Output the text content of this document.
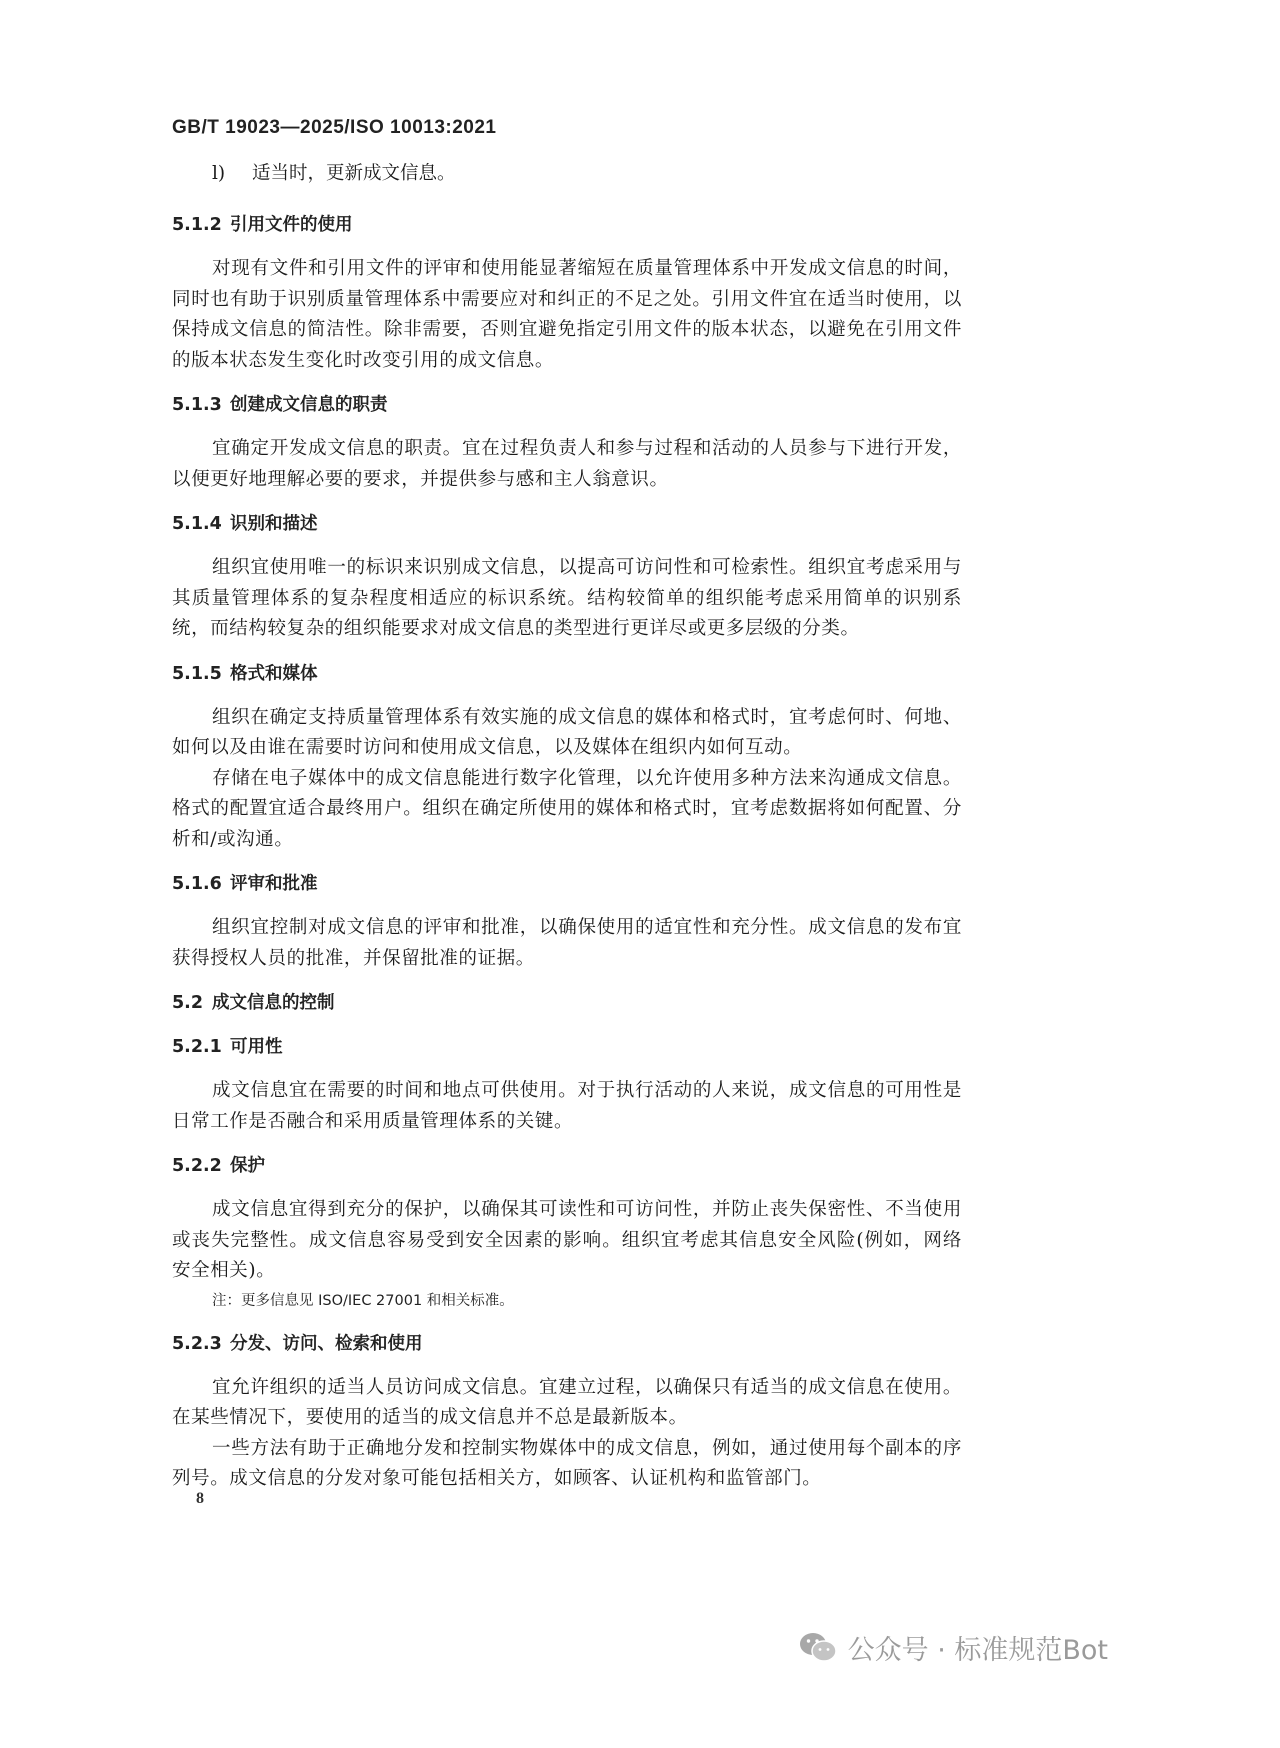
GB/T 19023—2025/ISO 10013:2021
l) 适当时，更新成文信息。
5.1.2 引用文件的使用

对现有文件和引用文件的评审和使用能显著缩短在质量管理体系中开发成文信息的时间，同时也有助于识别质量管理体系中需要应对和纠正的不足之处。引用文件宜在适当时使用，以保持成文信息的简洁性。除非需要，否则宜避免指定引用文件的版本状态，以避免在引用文件的版本状态发生变化时改变引用的成文信息。

5.1.3 创建成文信息的职责

宜确定开发成文信息的职责。宜在过程负责人和参与过程和活动的人员参与下进行开发，以便更好地理解必要的要求，并提供参与感和主人翁意识。

5.1.4 识别和描述

组织宜使用唯一的标识来识别成文信息，以提高可访问性和可检索性。组织宜考虑采用与其质量管理体系的复杂程度相适应的标识系统。结构较简单的组织能考虑采用简单的识别系统，而结构较复杂的组织能要求对成文信息的类型进行更详尽或更多层级的分类。

5.1.5 格式和媒体

组织在确定支持质量管理体系有效实施的成文信息的媒体和格式时，宜考虑何时、何地、如何以及由谁在需要时访问和使用成文信息，以及媒体在组织内如何互动。

存储在电子媒体中的成文信息能进行数字化管理，以允许使用多种方法来沟通成文信息。格式的配置宜适合最终用户。组织在确定所使用的媒体和格式时，宜考虑数据将如何配置、分析和/或沟通。

5.1.6 评审和批准

组织宜控制对成文信息的评审和批准，以确保使用的适宜性和充分性。成文信息的发布宜获得授权人员的批准，并保留批准的证据。

5.2 成文信息的控制
5.2.1 可用性

成文信息宜在需要的时间和地点可供使用。对于执行活动的人来说，成文信息的可用性是日常工作是否融合和采用质量管理体系的关键。

5.2.2 保护

成文信息宜得到充分的保护，以确保其可读性和可访问性，并防止丧失保密性、不当使用或丧失完整性。成文信息容易受到安全因素的影响。组织宜考虑其信息安全风险(例如，网络安全相关)。

注：更多信息见 ISO/IEC 27001 和相关标准。
5.2.3 分发、访问、检索和使用

宜允许组织的适当人员访问成文信息。宜建立过程，以确保只有适当的成文信息在使用。在某些情况下，要使用的适当的成文信息并不总是最新版本。

一些方法有助于正确地分发和控制实物媒体中的成文信息，例如，通过使用每个副本的序列号。成文信息的分发对象可能包括相关方，如顾客、认证机构和监管部门。

8
公众号 · 标准规范Bot
